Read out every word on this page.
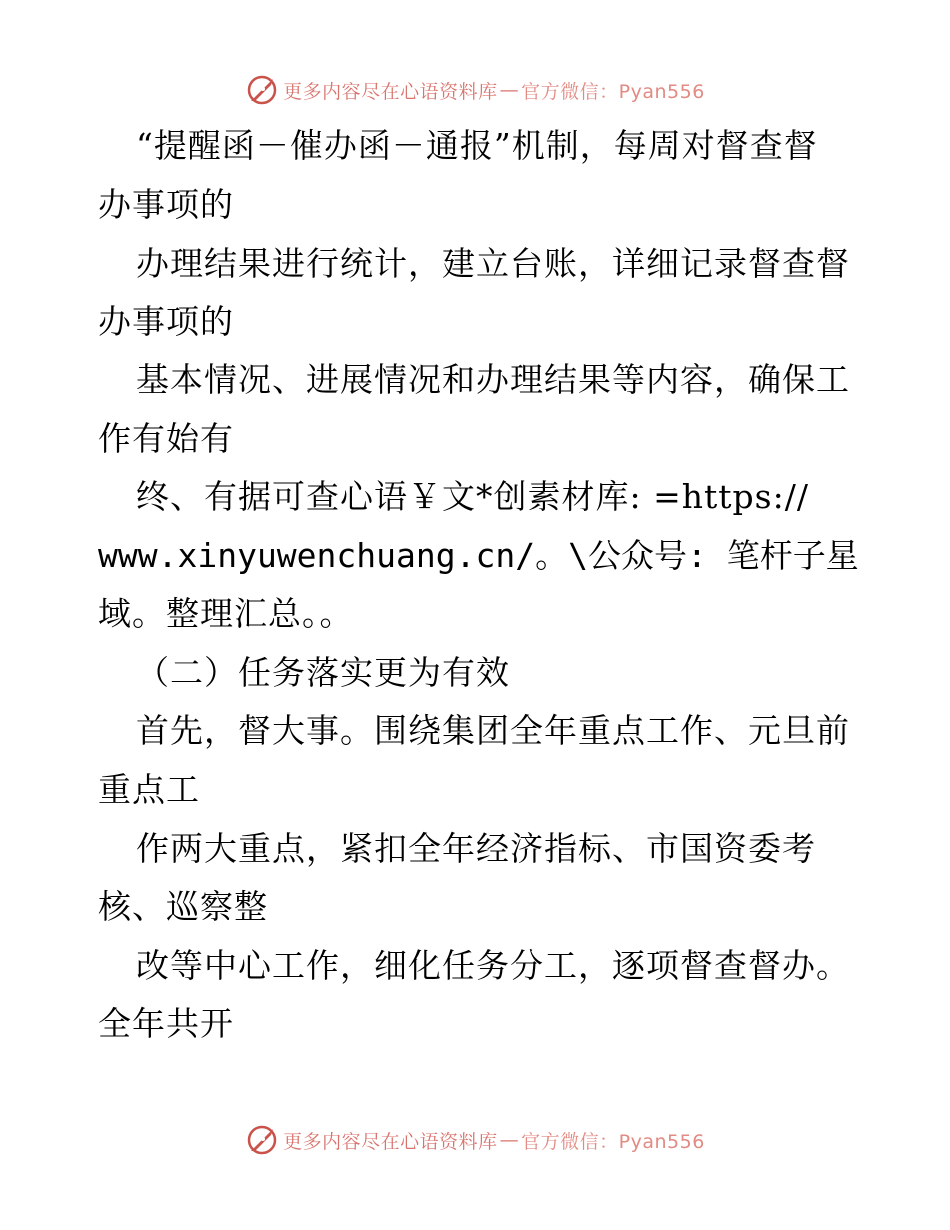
更多内容尽在心语资料库 — 官方微信：Pyan556
“提醒函－催办函－通报”机制，每周对督查督
办事项的
办理结果进行统计，建立台账，详细记录督查督
办事项的
基本情况、进展情况和办理结果等内容，确保工
作有始有
终、有据可查心语￥文*创素材库: =https://
www.xinyuwenchuang.cn/。\公众号: 笔杆子星
域。整理汇总。。
（二）任务落实更为有效
首先，督大事。围绕集团全年重点工作、元旦前
重点工
作两大重点，紧扣全年经济指标、市国资委考
核、巡察整
改等中心工作，细化任务分工，逐项督查督办。
全年共开
更多内容尽在心语资料库 — 官方微信：Pyan556
